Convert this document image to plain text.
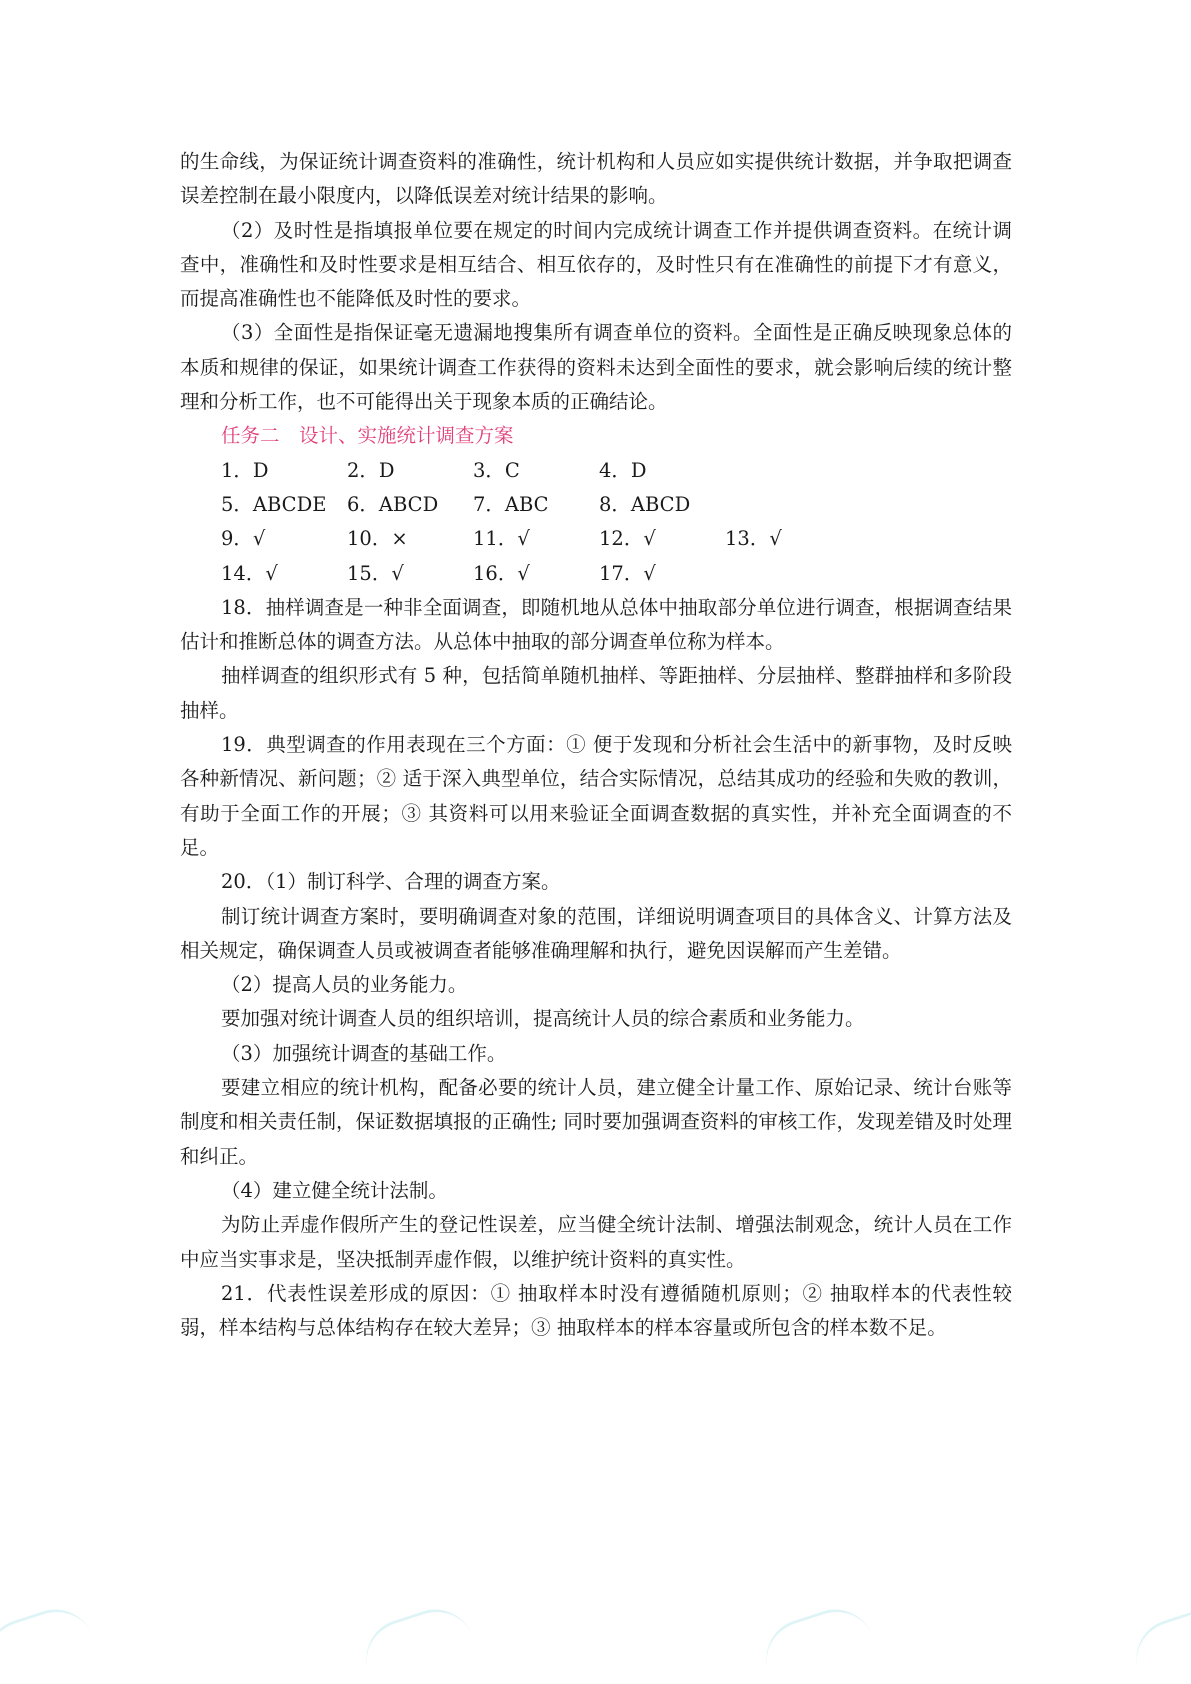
的生命线，为保证统计调查资料的准确性，统计机构和人员应如实提供统计数据，并争取把调查误差控制在最小限度内，以降低误差对统计结果的影响。

（2）及时性是指填报单位要在规定的时间内完成统计调查工作并提供调查资料。在统计调查中，准确性和及时性要求是相互结合、相互依存的，及时性只有在准确性的前提下才有意义，而提高准确性也不能降低及时性的要求。

（3）全面性是指保证毫无遗漏地搜集所有调查单位的资料。全面性是正确反映现象总体的本质和规律的保证，如果统计调查工作获得的资料未达到全面性的要求，就会影响后续的统计整理和分析工作，也不可能得出关于现象本质的正确结论。

任务二　设计、实施统计调查方案

1．D	2．D	3．C	4．D
5．ABCDE	6．ABCD	7．ABC	8．ABCD
9．√	10．×	11．√	12．√	13．√
14．√	15．√	16．√	17．√

18．抽样调查是一种非全面调查，即随机地从总体中抽取部分单位进行调查，根据调查结果估计和推断总体的调查方法。从总体中抽取的部分调查单位称为样本。

抽样调查的组织形式有 5 种，包括简单随机抽样、等距抽样、分层抽样、整群抽样和多阶段抽样。

19．典型调查的作用表现在三个方面：① 便于发现和分析社会生活中的新事物，及时反映各种新情况、新问题；② 适于深入典型单位，结合实际情况，总结其成功的经验和失败的教训，有助于全面工作的开展；③ 其资料可以用来验证全面调查数据的真实性，并补充全面调查的不足。

20．（1）制订科学、合理的调查方案。

制订统计调查方案时，要明确调查对象的范围，详细说明调查项目的具体含义、计算方法及相关规定，确保调查人员或被调查者能够准确理解和执行，避免因误解而产生差错。

（2）提高人员的业务能力。

要加强对统计调查人员的组织培训，提高统计人员的综合素质和业务能力。

（3）加强统计调查的基础工作。

要建立相应的统计机构，配备必要的统计人员，建立健全计量工作、原始记录、统计台账等制度和相关责任制，保证数据填报的正确性; 同时要加强调查资料的审核工作，发现差错及时处理和纠正。

（4）建立健全统计法制。

为防止弄虚作假所产生的登记性误差，应当健全统计法制、增强法制观念，统计人员在工作中应当实事求是，坚决抵制弄虚作假，以维护统计资料的真实性。

21．代表性误差形成的原因：① 抽取样本时没有遵循随机原则；② 抽取样本的代表性较弱，样本结构与总体结构存在较大差异；③ 抽取样本的样本容量或所包含的样本数不足。
